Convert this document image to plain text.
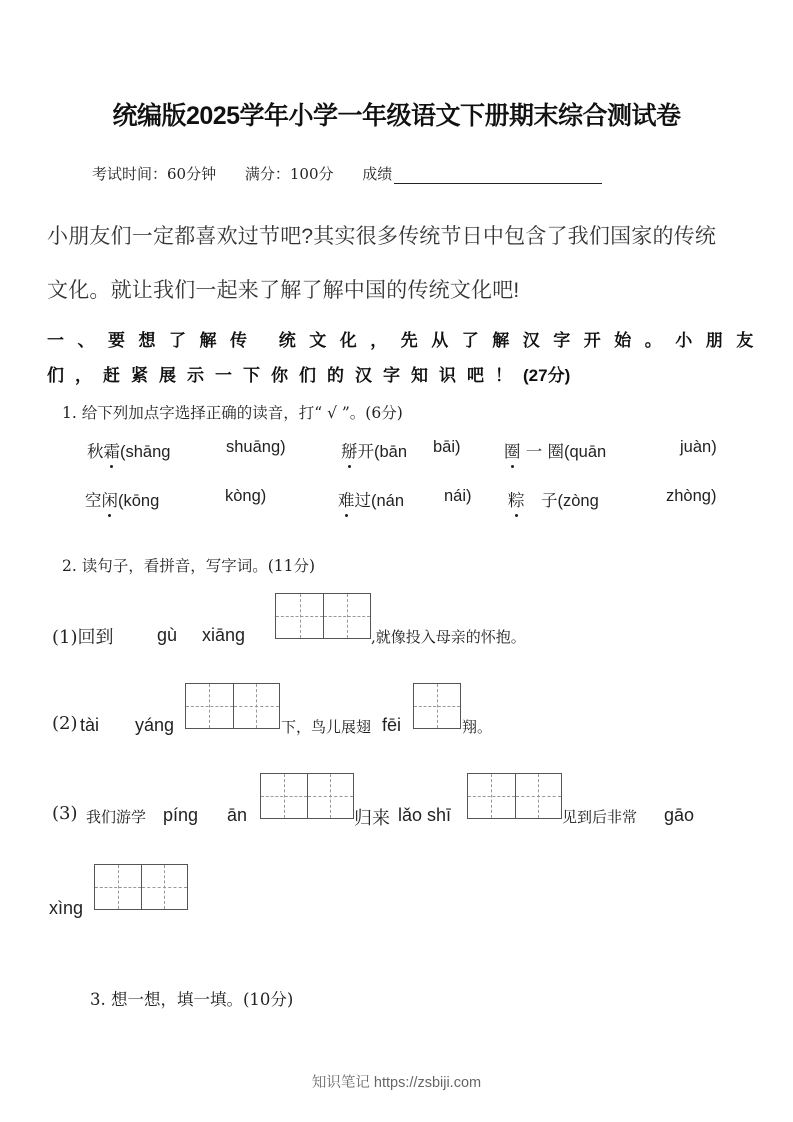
统编版2025学年小学一年级语文下册期末综合测试卷
考试时间：60分钟 满分：100分 成绩
小朋友们一定都喜欢过节吧?其实很多传统节日中包含了我们国家的传统
文化。就让我们一起来了解了解中国的传统文化吧!
一、要想了解传 统文化，先从了解汉字开始。小朋友
们，赶紧展示一下你们的汉字知识吧！(27分)
1. 给下列加点字选择正确的读音，打“ √ ”。(6分)
秋霜(shāng	shuāng)	掰开(bān bāi)	圈 一 圈(quān	juàn)
空闲(kōng	kòng)	难过(nán nái) 粽　子(zòng	zhòng)
2. 读句子，看拼音，写字词。(11分)
(1)回到 gù xiāng	,就像投入母亲的怀抱。
(2) tài yáng	下，鸟儿展翅 fēi	翔。
(3) 我们游学 píng ān	归来 lǎo shī	见到后非常 gāo
xìng
3. 想一想，填一填。(10分)
知识笔记 https://zsbiji.com
